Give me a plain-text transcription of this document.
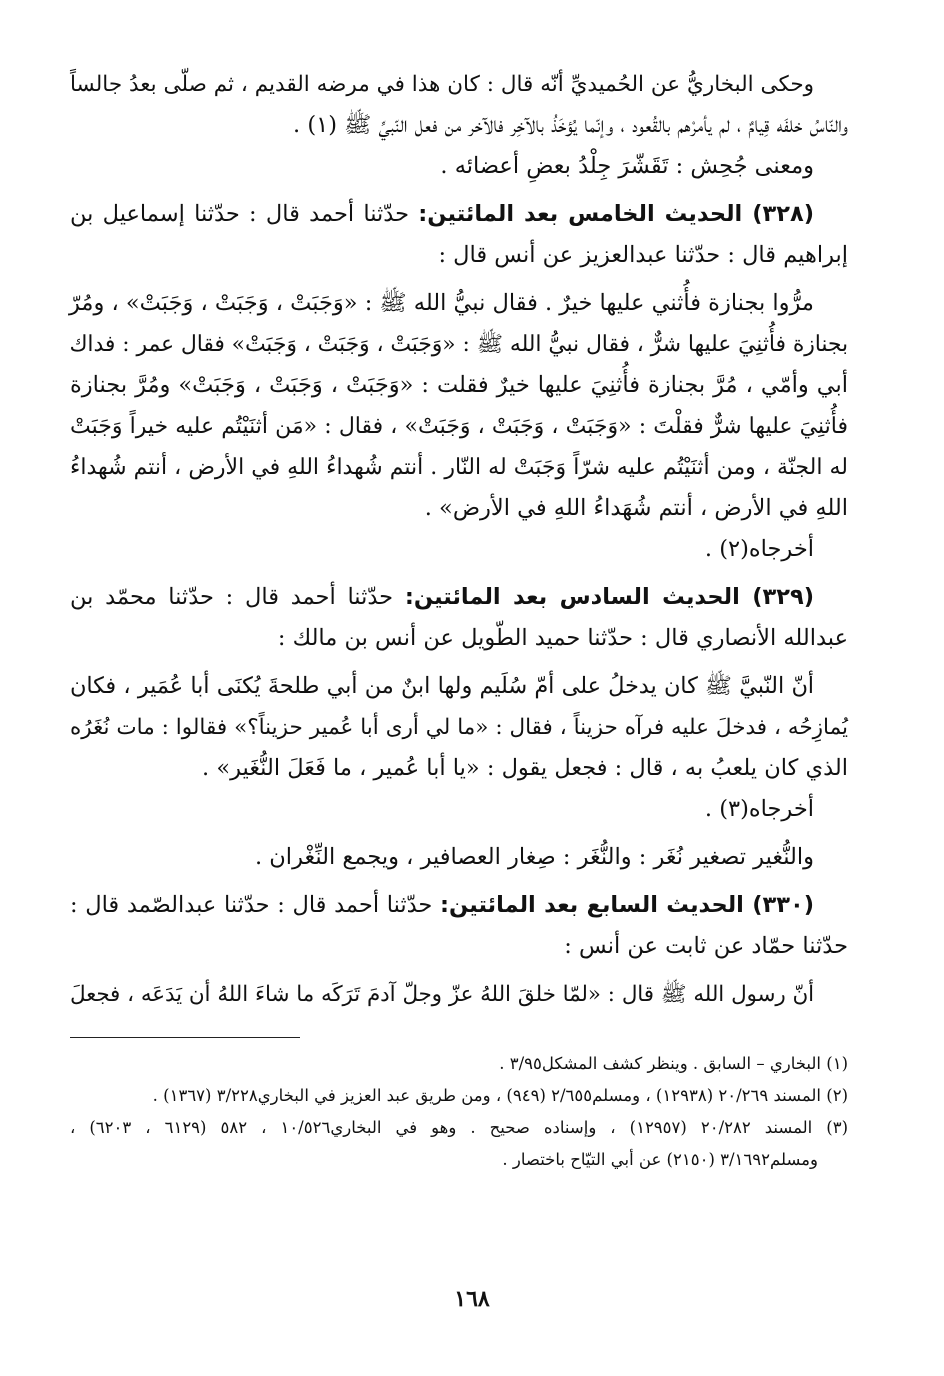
وحكى البخاريُّ عن الحُميديِّ أنّه قال : كان هذا في مرضه القديم ، ثم صلّى بعدُ جالساً

والنّاسُ خلفَه قِيامٌ ، لم يأمرْهم بالقُعود ، وإنّما يُؤخَذُ بالآخِر فالآخر من فعل النّبيِّ ﷺ (١) .

ومعنى جُحِش : تَقَشّرَ جِلْدُ بعضِ أعضائه .

(٣٢٨) الحديث الخامس بعد المائتين: حدّثنا أحمد قال : حدّثنا إسماعيل بن

إبراهيم قال : حدّثنا عبدالعزيز عن أنس قال :

مرُّوا بجنازة فأُثني عليها خيرٌ . فقال نبيُّ الله ﷺ : «وَجَبَتْ ، وَجَبَتْ ، وَجَبَتْ» ، ومُرّ

بجنازة فأُثنِيَ عليها شرٌّ ، فقال نبيُّ الله ﷺ : «وَجَبَتْ ، وَجَبَتْ ، وَجَبَتْ» فقال عمر : فداك

أبي وأمّي ، مُرَّ بجنازة فأُثنِيَ عليها خيرٌ فقلت : «وَجَبَتْ ، وَجَبَتْ ، وَجَبَتْ» ومُرَّ بجنازة

فأُثنِيَ عليها شرٌّ فقلْتَ : «وَجَبَتْ ، وَجَبَتْ ، وَجَبَتْ» ، فقال : «مَن أثنَيْتُم عليه خيراً وَجَبَتْ

له الجنّة ، ومن أثنَيْتُم عليه شرّاً وَجَبَتْ له النّار . أنتم شُهداءُ اللهِ في الأرض ، أنتم شُهداءُ

اللهِ في الأرض ، أنتم شُهَداءُ اللهِ في الأرض» .

أخرجاه(٢) .

(٣٢٩) الحديث السادس بعد المائتين: حدّثنا أحمد قال : حدّثنا محمّد بن

عبدالله الأنصاري قال : حدّثنا حميد الطّويل عن أنس بن مالك :

أنّ النّبيَّ ﷺ كان يدخلُ على أمّ سُلَيم ولها ابنٌ من أبي طلحةَ يُكنَى أبا عُمَير ، فكان

يُمازِحُه ، فدخلَ عليه فرآه حزيناً ، فقال : «ما لي أرى أبا عُمير حزيناً؟» فقالوا : مات نُغَرُه

الذي كان يلعبُ به ، قال : فجعل يقول : «يا أبا عُمير ، ما فَعَلَ النُّغَير» .

أخرجاه(٣) .

والنُّغير تصغير نُغَر : والنُّغَر : صِغار العصافير ، ويجمع النِّغْران .

(٣٣٠) الحديث السابع بعد المائتين: حدّثنا أحمد قال : حدّثنا عبدالصّمد قال :

حدّثنا حمّاد عن ثابت عن أنس :

أنّ رسول الله ﷺ قال : «لمّا خلقَ اللهُ عزّ وجلّ آدمَ تَرَكَه ما شاءَ اللهُ أن يَدَعَه ، فجعلَ

(١) البخاري – السابق . وينظر كشف المشكل٣/٩٥ .

(٢) المسند ٢٠/٢٦٩ (١٢٩٣٨) ، ومسلم٢/٦٥٥ (٩٤٩) ، ومن طريق عبد العزيز في البخاري٣/٢٢٨ (١٣٦٧) .

(٣) المسند ٢٠/٢٨٢ (١٢٩٥٧) ، وإسناده صحيح . وهو في البخاري١٠/٥٢٦ ، ٥٨٢ (٦١٢٩ ، ٦٢٠٣) ،

ومسلم٣/١٦٩٢ (٢١٥٠) عن أبي التيّاح باختصار .

١٦٨
